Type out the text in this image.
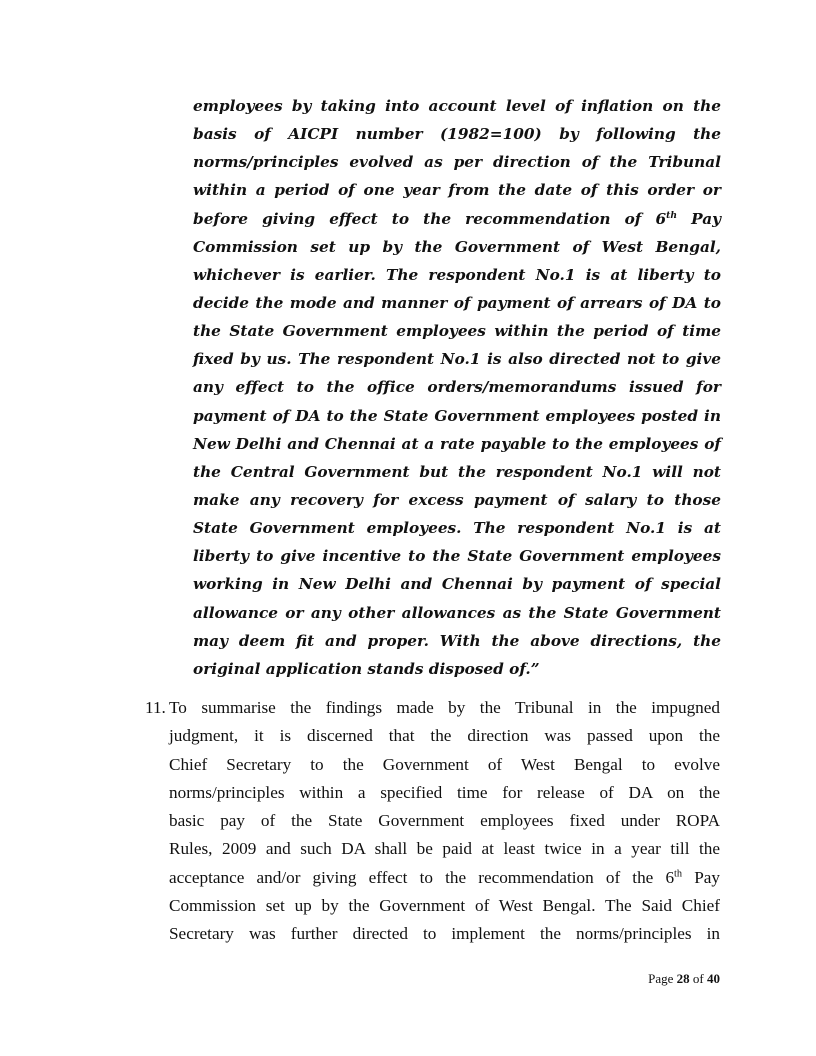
employees by taking into account level of inflation on the
basis of AICPI number (1982=100) by following the
norms/principles evolved as per direction of the Tribunal
within a period of one year from the date of this order or
before giving effect to the recommendation of 6th Pay
Commission set up by the Government of West Bengal,
whichever is earlier. The respondent No.1 is at liberty to
decide the mode and manner of payment of arrears of DA to
the State Government employees within the period of time
fixed by us. The respondent No.1 is also directed not to give
any effect to the office orders/memorandums issued for
payment of DA to the State Government employees posted in
New Delhi and Chennai at a rate payable to the employees of
the Central Government but the respondent No.1 will not
make any recovery for excess payment of salary to those
State Government employees. The respondent No.1 is at
liberty to give incentive to the State Government employees
working in New Delhi and Chennai by payment of special
allowance or any other allowances as the State Government
may deem fit and proper. With the above directions, the
original application stands disposed of.”
11. To summarise the findings made by the Tribunal in the impugned
judgment, it is discerned that the direction was passed upon the
Chief Secretary to the Government of West Bengal to evolve
norms/principles within a specified time for release of DA on the
basic pay of the State Government employees fixed under ROPA
Rules, 2009 and such DA shall be paid at least twice in a year till the
acceptance and/or giving effect to the recommendation of the 6th Pay
Commission set up by the Government of West Bengal. The Said Chief
Secretary was further directed to implement the norms/principles in
Page 28 of 40
